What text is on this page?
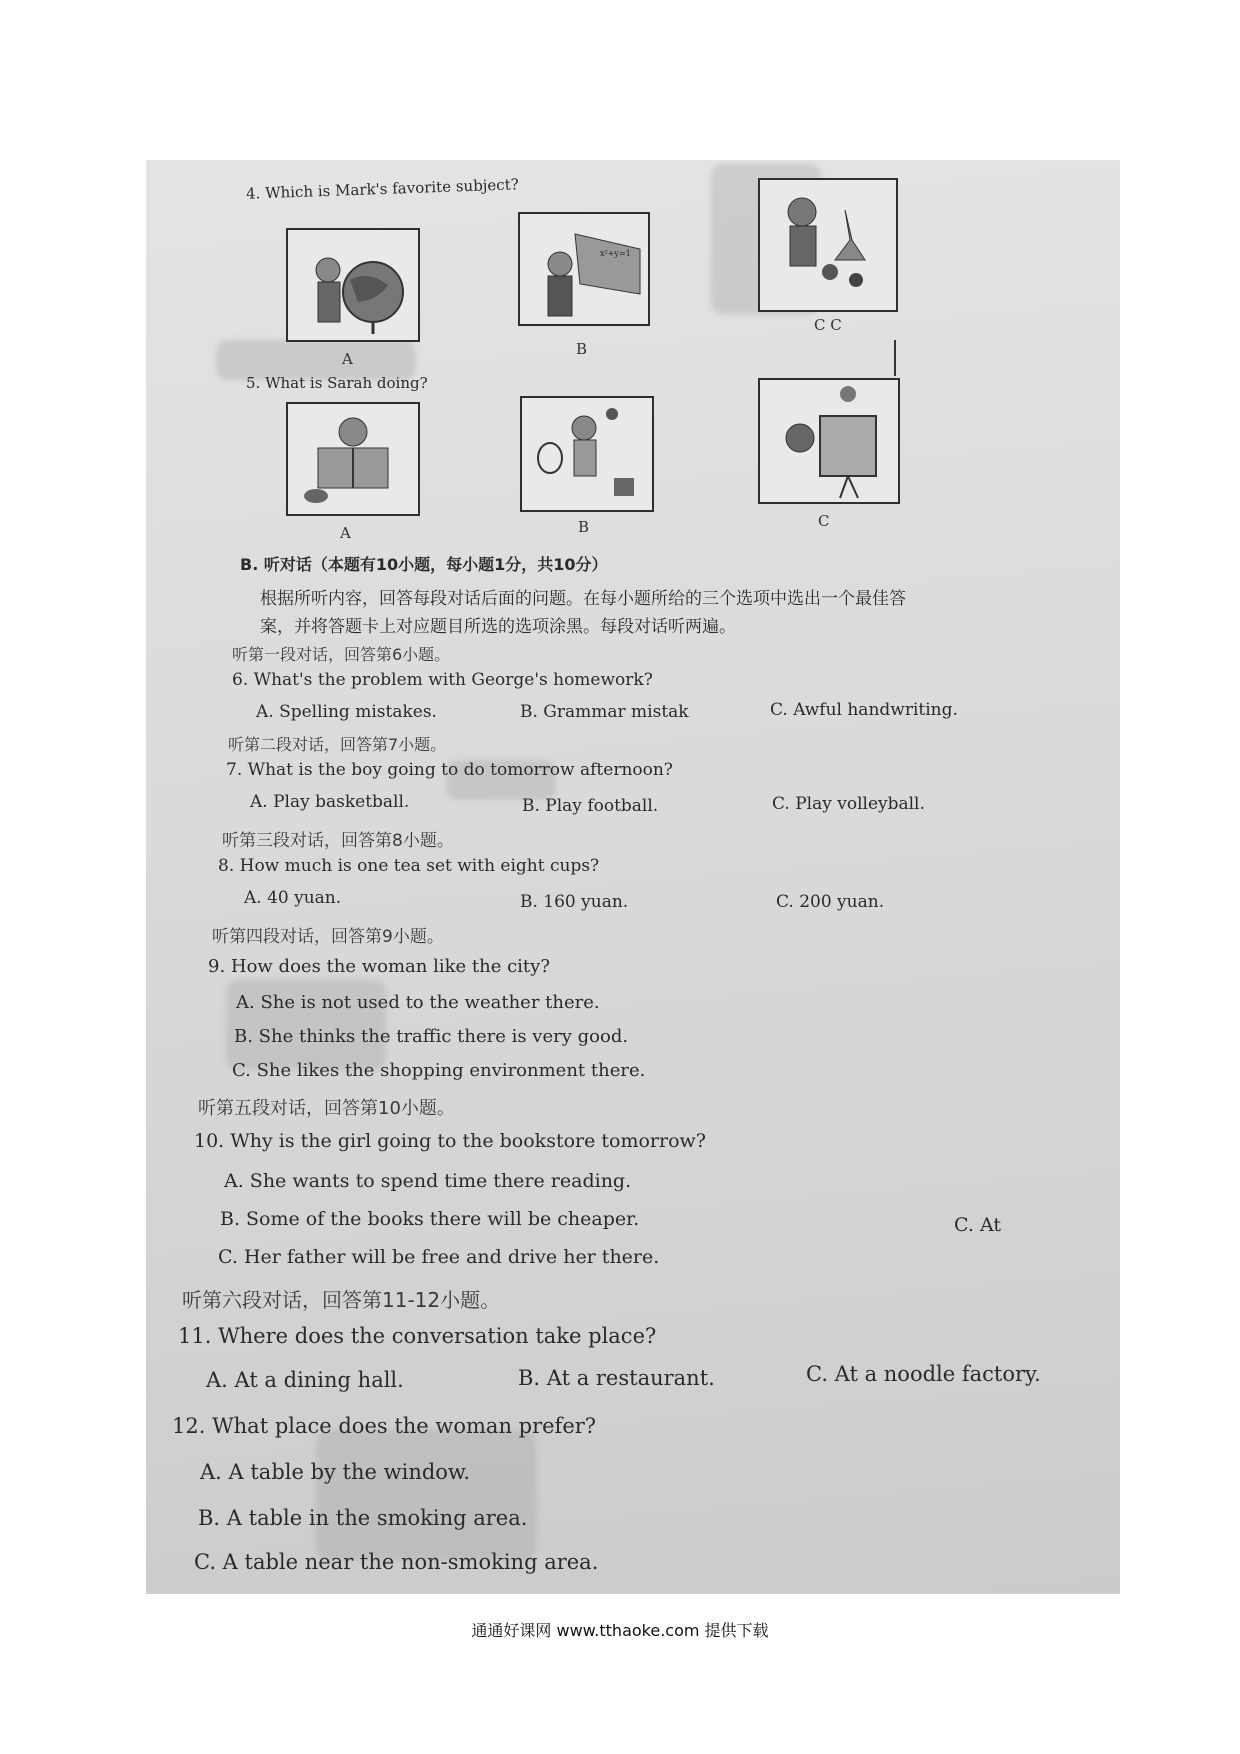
4. Which is Mark's favorite subject?
A
x²+y=1
B
C C
5. What is Sarah doing?
A	B	C
B. 听对话（本题有10小题，每小题1分，共10分）
根据所听内容，回答每段对话后面的问题。在每小题所给的三个选项中选出一个最佳答
案，并将答题卡上对应题目所选的选项涂黑。每段对话听两遍。
听第一段对话，回答第6小题。
6. What's the problem with George's homework?
A. Spelling mistakes.	B. Grammar mistak	C. Awful handwriting.
听第二段对话，回答第7小题。
7. What is the boy going to do tomorrow afternoon?
A. Play basketball.	B. Play football.	C. Play volleyball.
听第三段对话，回答第8小题。
8. How much is one tea set with eight cups?
A. 40 yuan.	B. 160 yuan.	C. 200 yuan.
听第四段对话，回答第9小题。
9. How does the woman like the city?
A. She is not used to the weather there.
B. She thinks the traffic there is very good.
C. She likes the shopping environment there.
听第五段对话，回答第10小题。
10. Why is the girl going to the bookstore tomorrow?
A. She wants to spend time there reading.
B. Some of the books there will be cheaper.
C. Her father will be free and drive her there.
C. At
听第六段对话，回答第11-12小题。
11. Where does the conversation take place?
A. At a dining hall.	B. At a restaurant.	C. At a noodle factory.
12. What place does the woman prefer?
A. A table by the window.
B. A table in the smoking area.
C. A table near the non-smoking area.
通通好课网 www.tthaoke.com 提供下载
